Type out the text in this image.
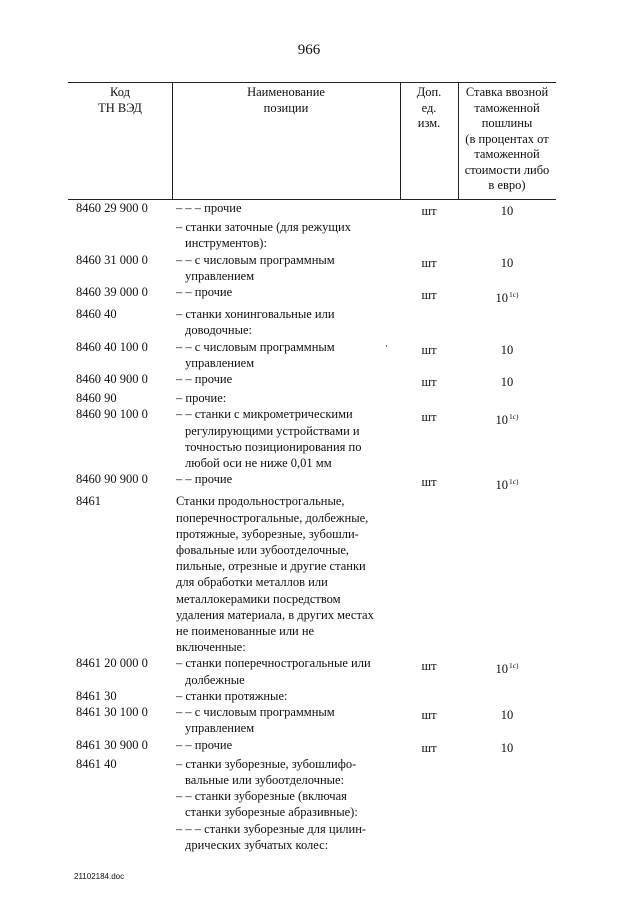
966
Код
ТН ВЭД
Наименование
позиции
Доп.
ед.
изм.
Ставка ввозной
таможенной
пошлины
(в процентах от
таможенной
стоимости либо
в евро)
8460 29 900 0	– – – прочие	шт	10
– станки заточные (для режущих
инструментов):
8460 31 000 0	– – с числовым программным
управлением
шт	10
8460 39 000 0	– – прочие	шт	$10^{1с)}$
8460 40	– станки хонинговальные или
доводочные:
8460 40 100 0	– – с числовым программным
управлением
шт	10
8460 40 900 0	– – прочие	шт	10
8460 90	– прочие:
8460 90 100 0	– – станки с микрометрическими
регулирующими устройствами и
точностью позиционирования по
любой оси не ниже 0,01 мм
шт	$10^{1с)}$
8460 90 900 0	– – прочие	шт	$10^{1с)}$
8461	Станки продольнострогальные,
поперечнострогальные, долбежные,
протяжные, зуборезные, зубошли-
фовальные или зубоотделочные,
пильные, отрезные и другие станки
для обработки металлов или
металлокерамики посредством
удаления материала, в других местах
не поименованные или не
включенные:
8461 20 000 0	– станки поперечнострогальные или
долбежные
шт	$10^{1с)}$
8461 30	– станки протяжные:
8461 30 100 0	– – с числовым программным
управлением
шт	10
8461 30 900 0	– – прочие	шт	10
8461 40	– станки зуборезные, зубошлифо-
вальные или зубоотделочные:
– – станки зуборезные (включая
станки зуборезные абразивные):
– – – станки зуборезные для цилин-
дрических зубчатых колес:
21102184.doc
